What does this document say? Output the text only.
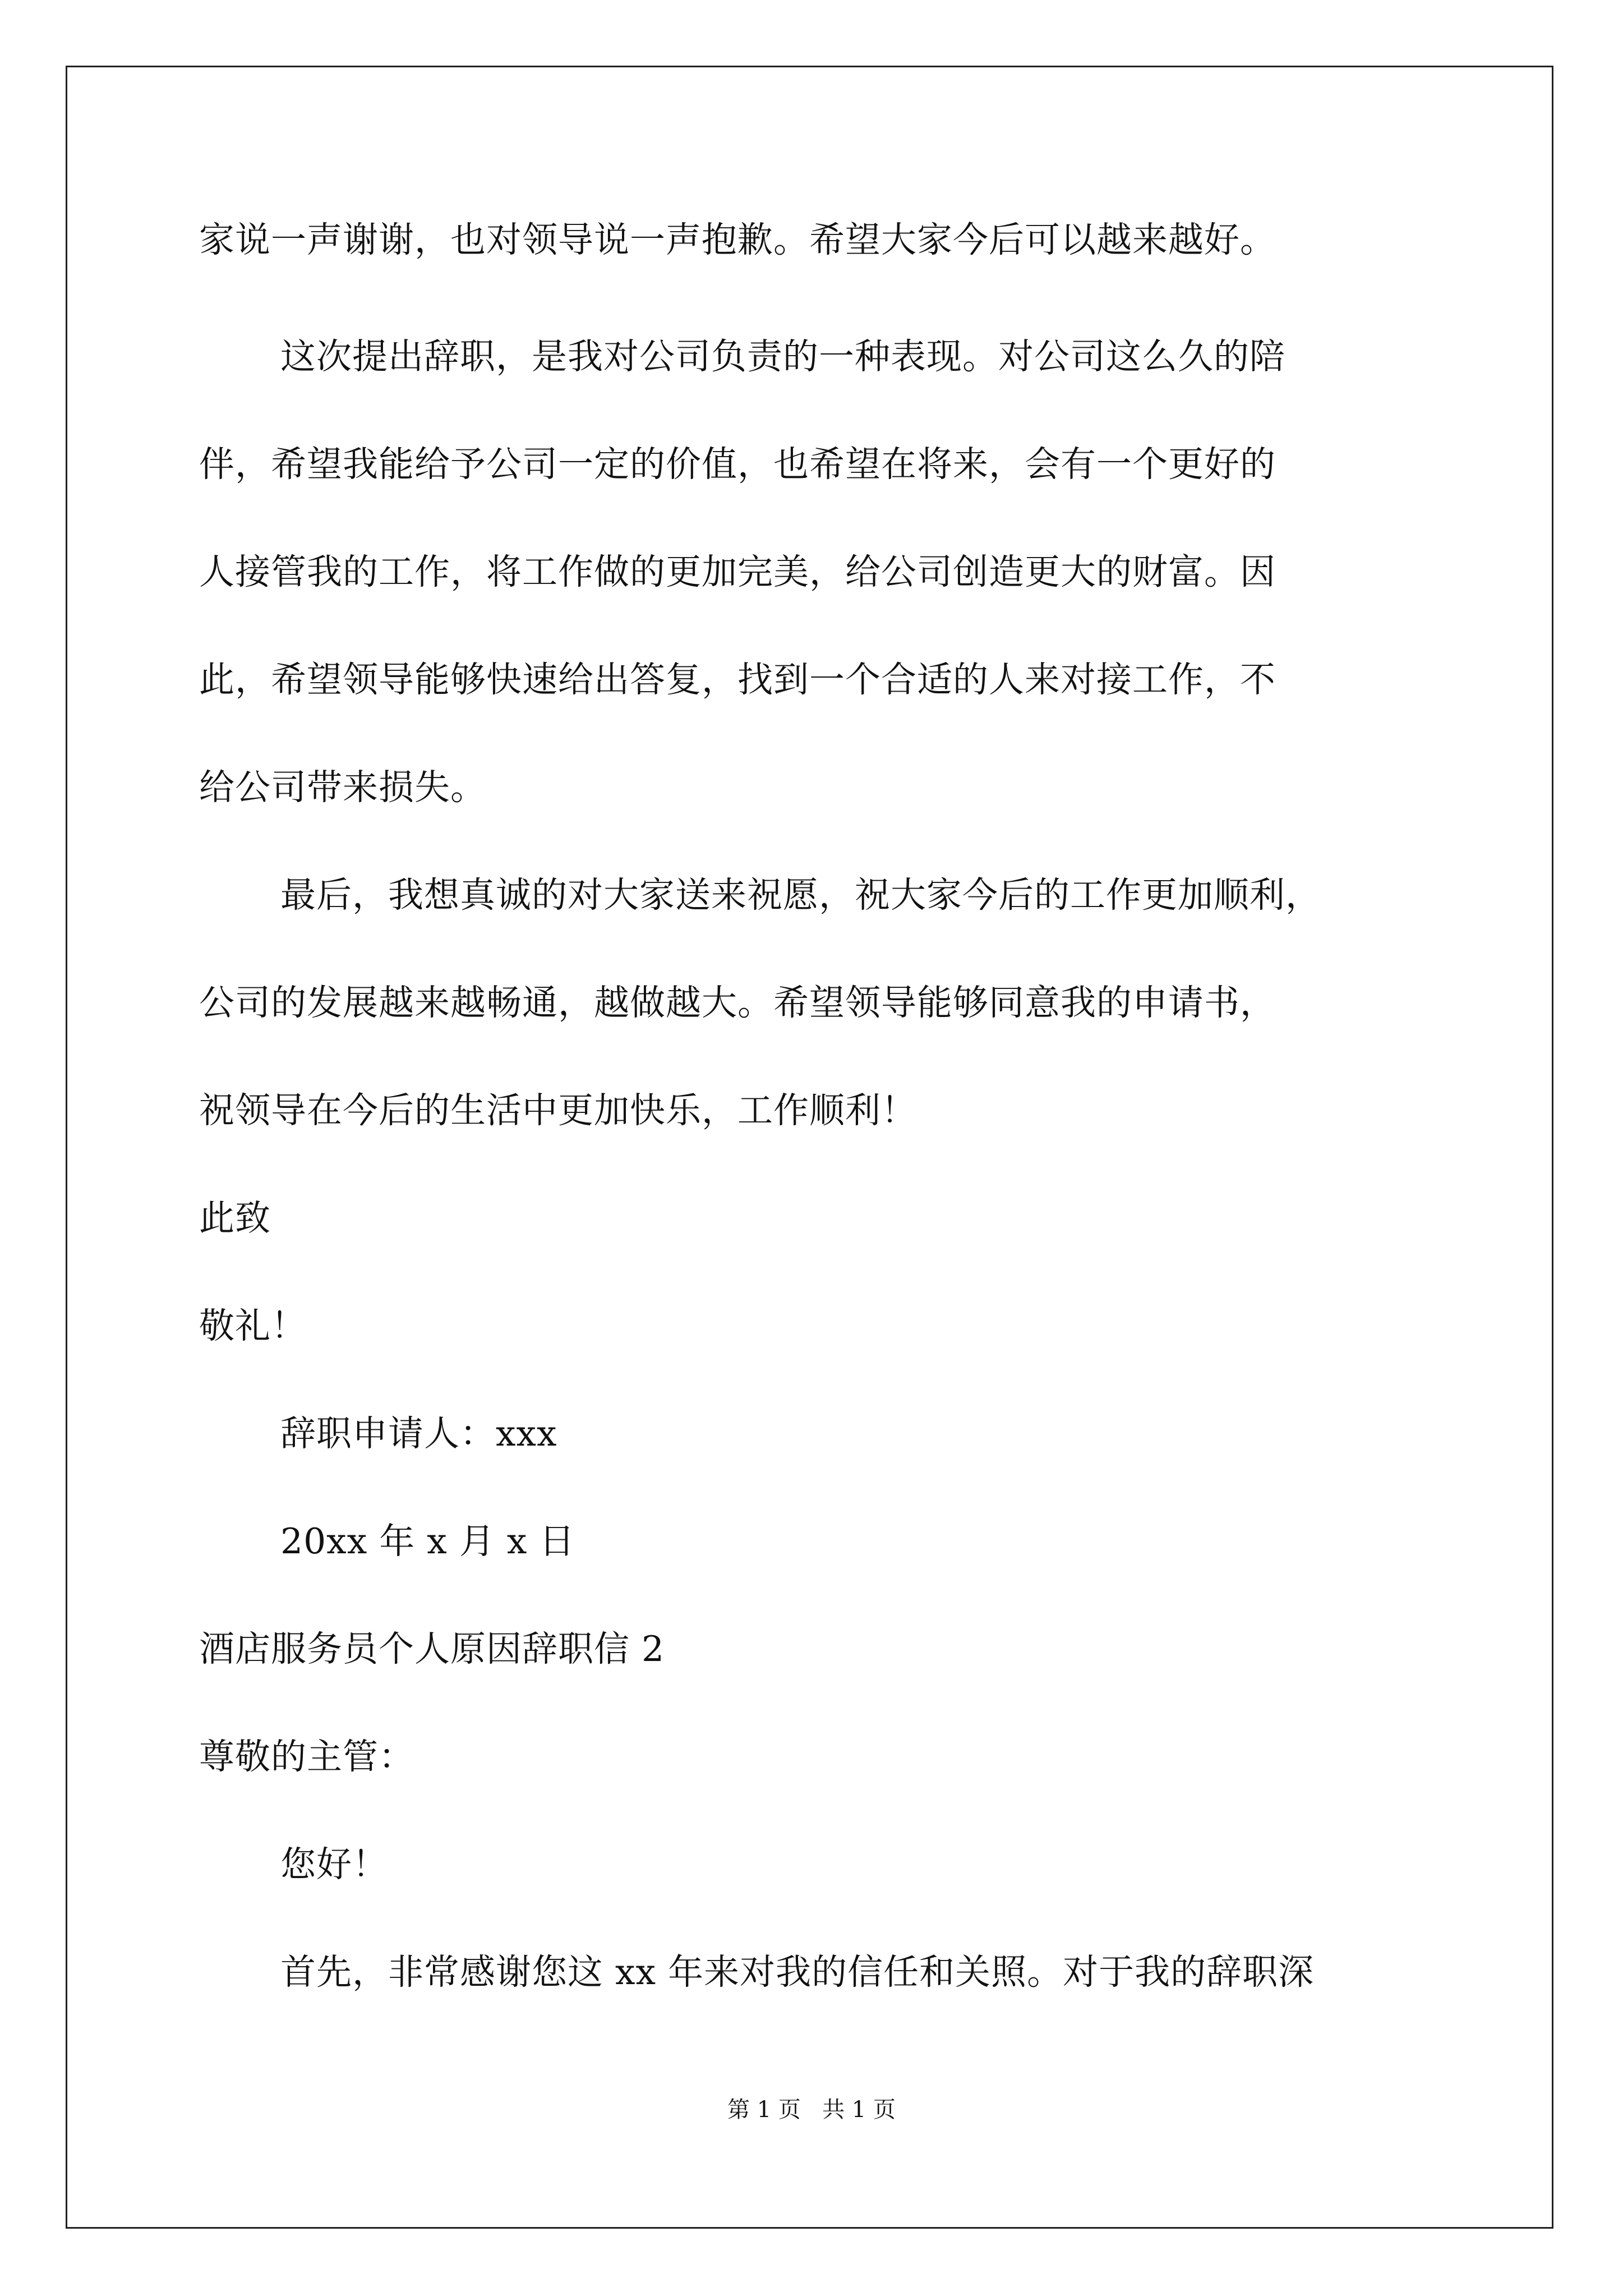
家说一声谢谢，也对领导说一声抱歉。希望大家今后可以越来越好。
这次提出辞职，是我对公司负责的一种表现。对公司这么久的陪
伴，希望我能给予公司一定的价值，也希望在将来，会有一个更好的
人接管我的工作，将工作做的更加完美，给公司创造更大的财富。因
此，希望领导能够快速给出答复，找到一个合适的人来对接工作，不
给公司带来损失。
最后，我想真诚的对大家送来祝愿，祝大家今后的工作更加顺利，
公司的发展越来越畅通，越做越大。希望领导能够同意我的申请书，
祝领导在今后的生活中更加快乐，工作顺利！
此致
敬礼！
辞职申请人：xxx
20xx 年 x 月 x 日
酒店服务员个人原因辞职信 2
尊敬的主管：
您好！
首先，非常感谢您这 xx 年来对我的信任和关照。对于我的辞职深
第 1 页   共 1 页
